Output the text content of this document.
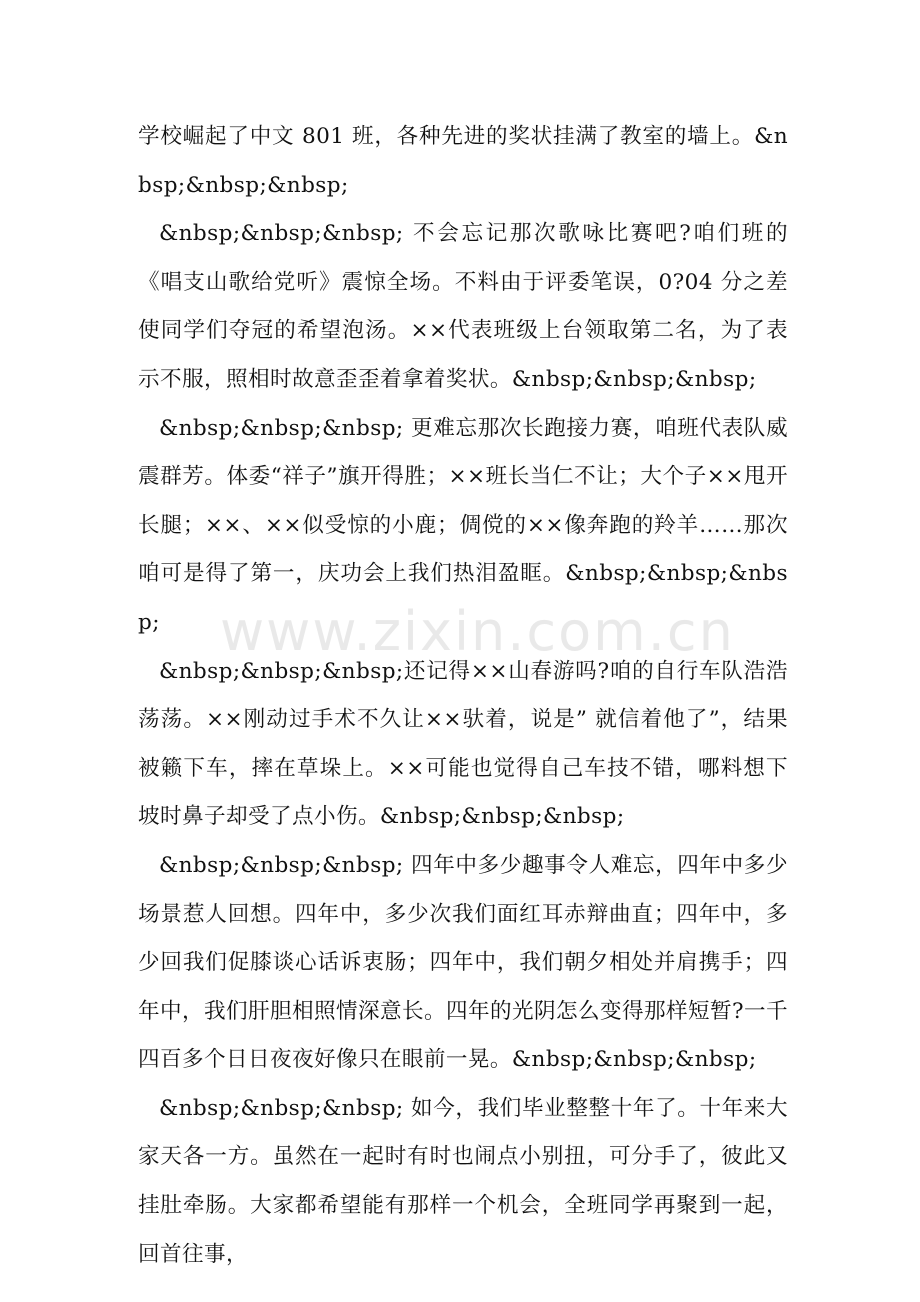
学校崛起了中文 801 班，各种先进的奖状挂满了教室的墙上。&nbsp;&nbsp;&nbsp;

&nbsp;&nbsp;&nbsp; 不会忘记那次歌咏比赛吧?咱们班的《唱支山歌给党听》震惊全场。不料由于评委笔误，0?04 分之差使同学们夺冠的希望泡汤。××代表班级上台领取第二名，为了表示不服，照相时故意歪歪着拿着奖状。&nbsp;&nbsp;&nbsp;

&nbsp;&nbsp;&nbsp; 更难忘那次长跑接力赛，咱班代表队威震群芳。体委“祥子”旗开得胜；××班长当仁不让；大个子××甩开长腿；××、××似受惊的小鹿；倜傥的××像奔跑的羚羊……那次咱可是得了第一，庆功会上我们热泪盈眶。&nbsp;&nbsp;&nbsp;

&nbsp;&nbsp;&nbsp;还记得××山春游吗?咱的自行车队浩浩荡荡。××刚动过手术不久让××驮着，说是” 就信着他了”，结果被籁下车，摔在草垛上。××可能也觉得自己车技不错，哪料想下坡时鼻子却受了点小伤。&nbsp;&nbsp;&nbsp;

&nbsp;&nbsp;&nbsp; 四年中多少趣事令人难忘，四年中多少场景惹人回想。四年中，多少次我们面红耳赤辩曲直；四年中，多少回我们促膝谈心话诉衷肠；四年中，我们朝夕相处并肩携手；四年中，我们肝胆相照情深意长。四年的光阴怎么变得那样短暂?一千四百多个日日夜夜好像只在眼前一晃。&nbsp;&nbsp;&nbsp;

&nbsp;&nbsp;&nbsp; 如今，我们毕业整整十年了。十年来大家天各一方。虽然在一起时有时也闹点小别扭，可分手了，彼此又挂肚牵肠。大家都希望能有那样一个机会，全班同学再聚到一起，回首往事，

www.zixin.com.cn
